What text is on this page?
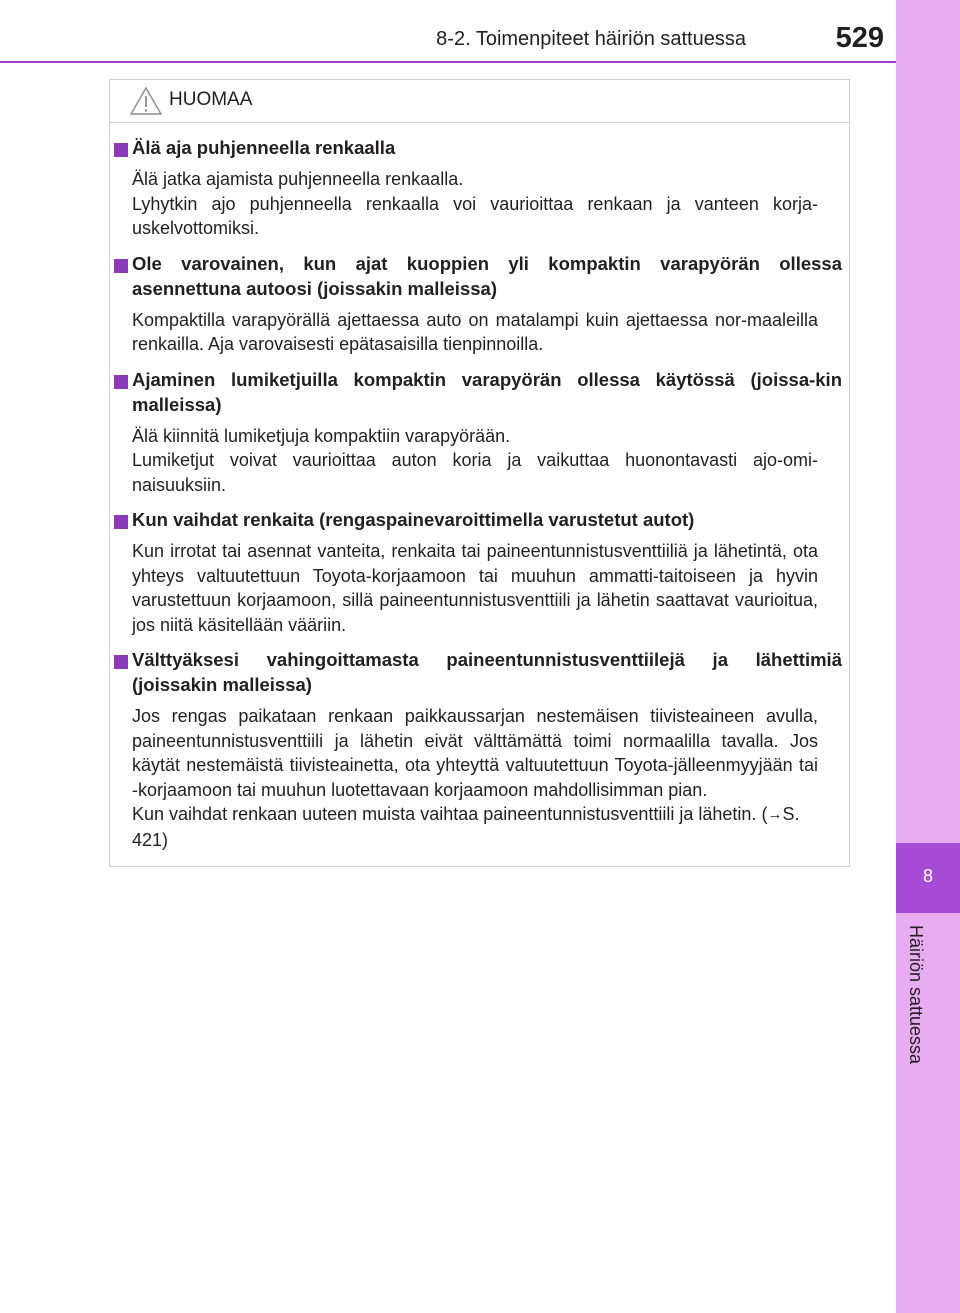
8-2. Toimenpiteet häiriön sattuessa	529
8
Häiriön sattuessa
HUOMAA
Älä aja puhjenneella renkaalla

Älä jatka ajamista puhjenneella renkaalla.

Lyhytkin ajo puhjenneella renkaalla voi vaurioittaa renkaan ja vanteen korja-uskelvottomiksi.

Ole varovainen, kun ajat kuoppien yli kompaktin varapyörän ollessa asennettuna autoosi (joissakin malleissa)

Kompaktilla varapyörällä ajettaessa auto on matalampi kuin ajettaessa nor-maaleilla renkailla. Aja varovaisesti epätasaisilla tienpinnoilla.

Ajaminen lumiketjuilla kompaktin varapyörän ollessa käytössä (joissa-kin malleissa)

Älä kiinnitä lumiketjuja kompaktiin varapyörään.

Lumiketjut voivat vaurioittaa auton koria ja vaikuttaa huonontavasti ajo-omi-naisuuksiin.

Kun vaihdat renkaita (rengaspainevaroittimella varustetut autot)

Kun irrotat tai asennat vanteita, renkaita tai paineentunnistusventtiiliä ja lähetintä, ota yhteys valtuutettuun Toyota-korjaamoon tai muuhun ammatti-taitoiseen ja hyvin varustettuun korjaamoon, sillä paineentunnistusventtiili ja lähetin saattavat vaurioitua, jos niitä käsitellään vääriin.

Välttyäksesi vahingoittamasta paineentunnistusventtiilejä ja lähettimiä (joissakin malleissa)

Jos rengas paikataan renkaan paikkaussarjan nestemäisen tiivisteaineen avulla, paineentunnistusventtiili ja lähetin eivät välttämättä toimi normaalilla tavalla. Jos käytät nestemäistä tiivisteainetta, ota yhteyttä valtuutettuun Toyota-jälleenmyyjään tai -korjaamoon tai muuhun luotettavaan korjaamoon mahdollisimman pian.

Kun vaihdat renkaan uuteen muista vaihtaa paineentunnistusventtiili ja lähetin. (→S. 421)
